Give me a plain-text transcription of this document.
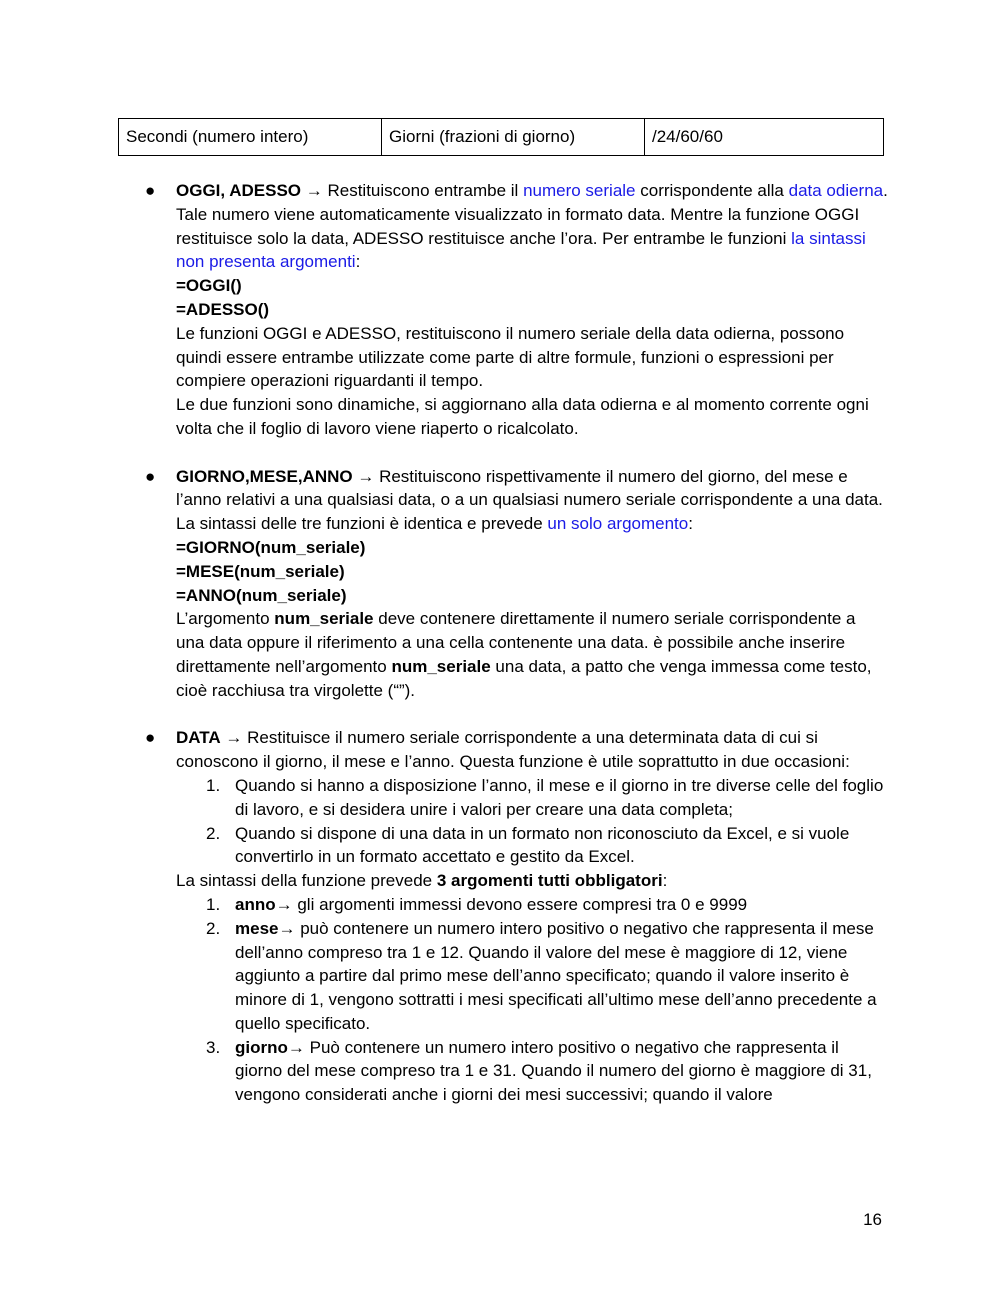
Secondi (numero intero)	Giorni (frazioni di giorno)	/24/60/60
● OGGI, ADESSO → Restituiscono entrambe il numero seriale corrispondente alla data odierna. Tale numero viene automaticamente visualizzato in formato data. Mentre la funzione OGGI restituisce solo la data, ADESSO restituisce anche l’ora. Per entrambe le funzioni la sintassi non presenta argomenti:
=OGGI()
=ADESSO()
Le funzioni OGGI e ADESSO, restituiscono il numero seriale della data odierna, possono quindi essere entrambe utilizzate come parte di altre formule, funzioni o espressioni per compiere operazioni riguardanti il tempo.
Le due funzioni sono dinamiche, si aggiornano alla data odierna e al momento corrente ogni volta che il foglio di lavoro viene riaperto o ricalcolato.
● GIORNO,MESE,ANNO → Restituiscono rispettivamente il numero del giorno, del mese e l’anno relativi a una qualsiasi data, o a un qualsiasi numero seriale corrispondente a una data. La sintassi delle tre funzioni è identica e prevede un solo argomento:
=GIORNO(num_seriale)
=MESE(num_seriale)
=ANNO(num_seriale)
L’argomento num_seriale deve contenere direttamente il numero seriale corrispondente a una data oppure il riferimento a una cella contenente una data. è possibile anche inserire direttamente nell’argomento num_seriale una data, a patto che venga immessa come testo, cioè racchiusa tra virgolette (“”).
● DATA → Restituisce il numero seriale corrispondente a una determinata data di cui si conoscono il giorno, il mese e l’anno. Questa funzione è utile soprattutto in due occasioni:
1. Quando si hanno a disposizione l’anno, il mese e il giorno in tre diverse celle del foglio di lavoro, e si desidera unire i valori per creare una data completa;
2. Quando si dispone di una data in un formato non riconosciuto da Excel, e si vuole convertirlo in un formato accettato e gestito da Excel.
La sintassi della funzione prevede 3 argomenti tutti obbligatori:
1. anno→ gli argomenti immessi devono essere compresi tra 0 e 9999
2. mese→ può contenere un numero intero positivo o negativo che rappresenta il mese dell’anno compreso tra 1 e 12. Quando il valore del mese è maggiore di 12, viene aggiunto a partire dal primo mese dell’anno specificato; quando il valore inserito è minore di 1, vengono sottratti i mesi specificati all’ultimo mese dell’anno precedente a quello specificato.
3. giorno→ Può contenere un numero intero positivo o negativo che rappresenta il giorno del mese compreso tra 1 e 31. Quando il numero del giorno è maggiore di 31, vengono considerati anche i giorni dei mesi successivi; quando il valore
16
